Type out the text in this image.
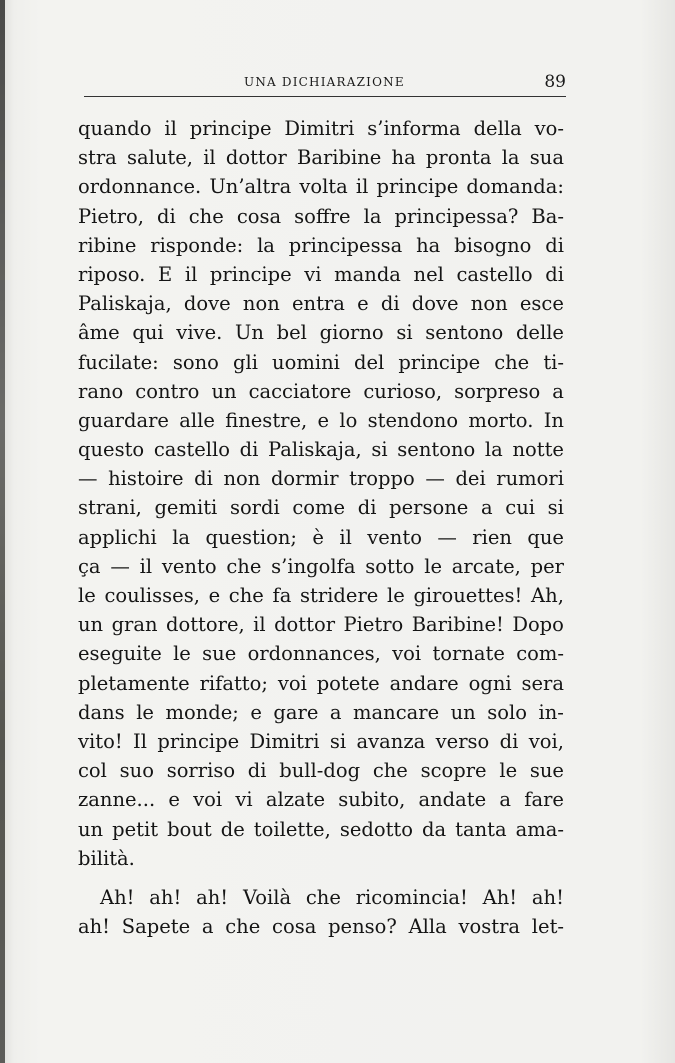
UNA DICHIARAZIONE	89
quando il principe Dimitri s’informa della vo-
stra salute, il dottor Baribine ha pronta la sua
ordonnance. Un’altra volta il principe domanda:
Pietro, di che cosa soffre la principessa? Ba-
ribine risponde: la principessa ha bisogno di
riposo. E il principe vi manda nel castello di
Paliskaja, dove non entra e di dove non esce
âme qui vive. Un bel giorno si sentono delle
fucilate: sono gli uomini del principe che ti-
rano contro un cacciatore curioso, sorpreso a
guardare alle finestre, e lo stendono morto. In
questo castello di Paliskaja, si sentono la notte
— histoire di non dormir troppo — dei rumori
strani, gemiti sordi come di persone a cui si
applichi la question; è il vento — rien que
ça — il vento che s’ingolfa sotto le arcate, per
le coulisses, e che fa stridere le girouettes! Ah,
un gran dottore, il dottor Pietro Baribine! Dopo
eseguite le sue ordonnances, voi tornate com-
pletamente rifatto; voi potete andare ogni sera
dans le monde; e gare a mancare un solo in-
vito! Il principe Dimitri si avanza verso di voi,
col suo sorriso di bull-dog che scopre le sue
zanne... e voi vi alzate subito, andate a fare
un petit bout de toilette, sedotto da tanta ama-
bilità.
Ah! ah! ah! Voilà che ricomincia! Ah! ah!
ah! Sapete a che cosa penso? Alla vostra let-
